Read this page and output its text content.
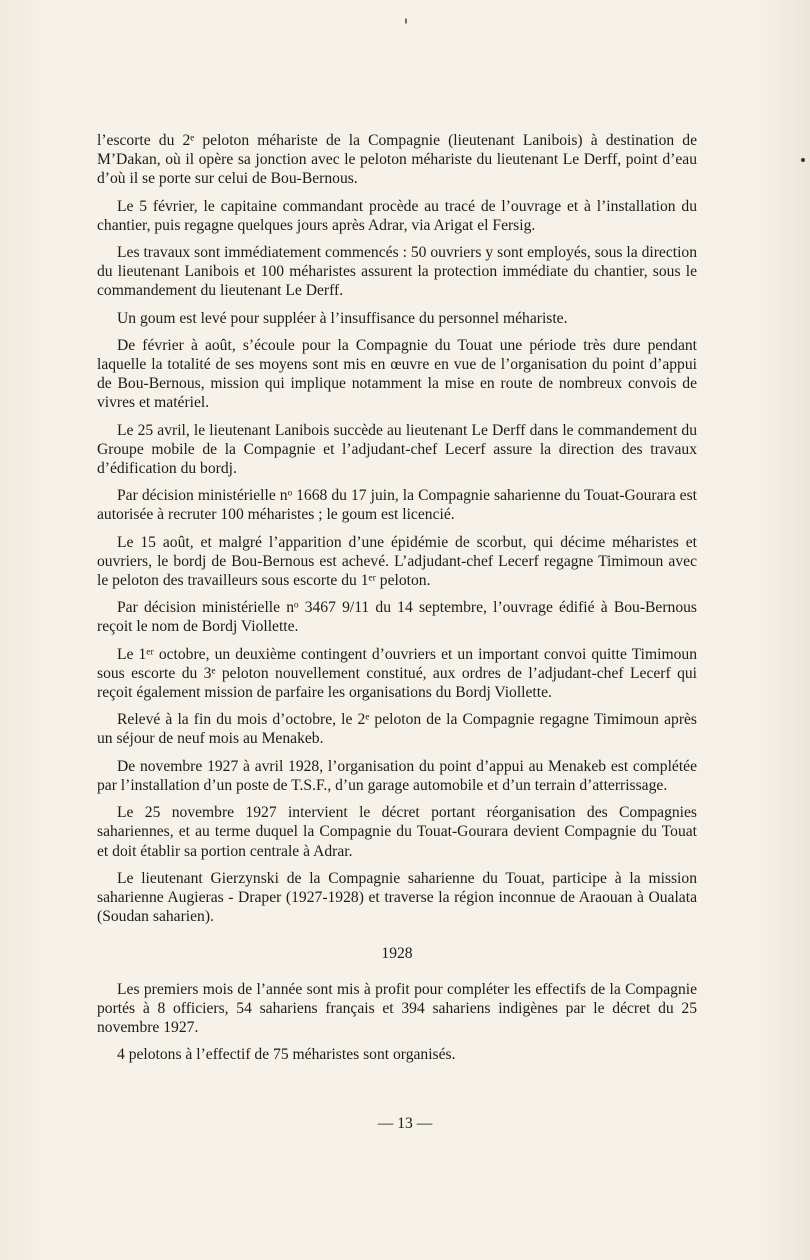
l’escorte du 2ᵉ peloton méhariste de la Compagnie (lieutenant Lanibois) à destination de M’Dakan, où il opère sa jonction avec le peloton méhariste du lieutenant Le Derff, point d’eau d’où il se porte sur celui de Bou-Bernous.

Le 5 février, le capitaine commandant procède au tracé de l’ouvrage et à l’installation du chantier, puis regagne quelques jours après Adrar, via Arigat el Fersig.

Les travaux sont immédiatement commencés : 50 ouvriers y sont employés, sous la direction du lieutenant Lanibois et 100 méharistes assurent la protection immédiate du chantier, sous le commandement du lieutenant Le Derff.

Un goum est levé pour suppléer à l’insuffisance du personnel méhariste.

De février à août, s’écoule pour la Compagnie du Touat une période très dure pendant laquelle la totalité de ses moyens sont mis en œuvre en vue de l’organisation du point d’appui de Bou-Bernous, mission qui implique notamment la mise en route de nombreux convois de vivres et matériel.

Le 25 avril, le lieutenant Lanibois succède au lieutenant Le Derff dans le commandement du Groupe mobile de la Compagnie et l’adjudant-chef Lecerf assure la direction des travaux d’édification du bordj.

Par décision ministérielle nᵒ 1668 du 17 juin, la Compagnie saharienne du Touat-Gourara est autorisée à recruter 100 méharistes ; le goum est licencié.

Le 15 août, et malgré l’apparition d’une épidémie de scorbut, qui décime méharistes et ouvriers, le bordj de Bou-Bernous est achevé. L’adjudant-chef Lecerf regagne Timimoun avec le peloton des travailleurs sous escorte du 1ᵉʳ peloton.

Par décision ministérielle nᵒ 3467 9/11 du 14 septembre, l’ouvrage édifié à Bou-Bernous reçoit le nom de Bordj Viollette.

Le 1ᵉʳ octobre, un deuxième contingent d’ouvriers et un important convoi quitte Timimoun sous escorte du 3ᵉ peloton nouvellement constitué, aux ordres de l’adjudant-chef Lecerf qui reçoit également mission de parfaire les organisations du Bordj Viollette.

Relevé à la fin du mois d’octobre, le 2ᵉ peloton de la Compagnie regagne Timimoun après un séjour de neuf mois au Menakeb.

De novembre 1927 à avril 1928, l’organisation du point d’appui au Menakeb est complétée par l’installation d’un poste de T.S.F., d’un garage automobile et d’un terrain d’atterrissage.

Le 25 novembre 1927 intervient le décret portant réorganisation des Compagnies sahariennes, et au terme duquel la Compagnie du Touat-Gourara devient Compagnie du Touat et doit établir sa portion centrale à Adrar.

Le lieutenant Gierzynski de la Compagnie saharienne du Touat, participe à la mission saharienne Augieras - Draper (1927-1928) et traverse la région inconnue de Araouan à Oualata (Soudan saharien).

1928

Les premiers mois de l’année sont mis à profit pour compléter les effectifs de la Compagnie portés à 8 officiers, 54 sahariens français et 394 sahariens indigènes par le décret du 25 novembre 1927.

4 pelotons à l’effectif de 75 méharistes sont organisés.

— 13 —
